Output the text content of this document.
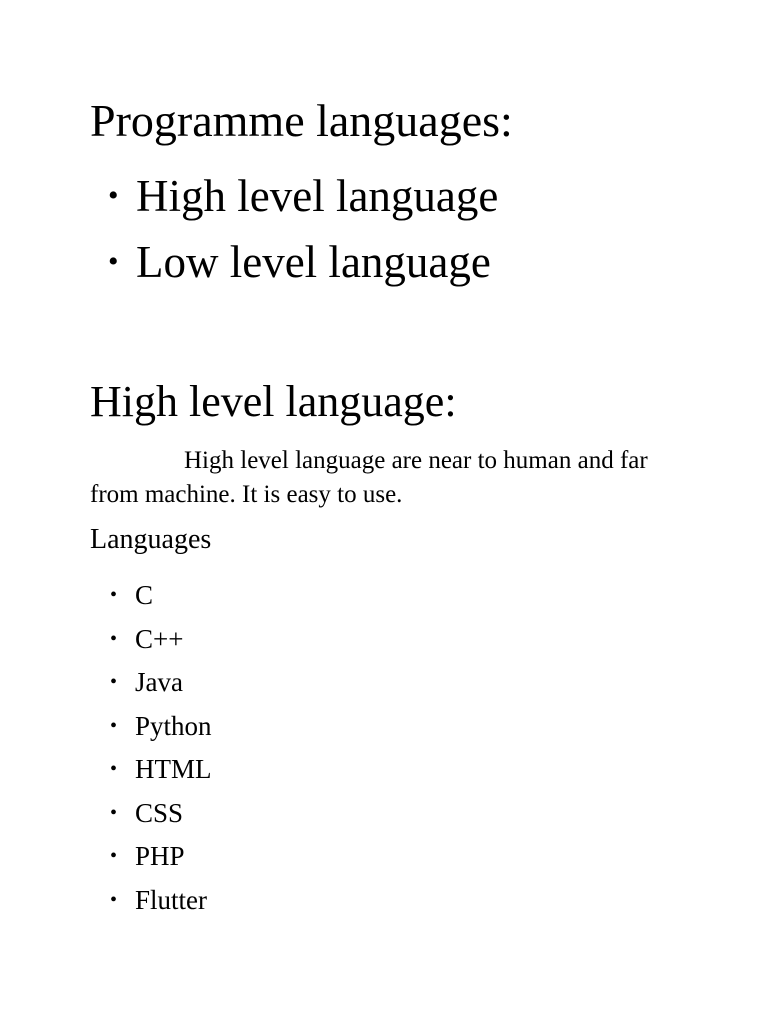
Programme languages:
• High level language
• Low level language
High level language:
High level language are near to human and far from machine. It is easy to use.
Languages
• C
• C++
• Java
• Python
• HTML
• CSS
• PHP
• Flutter
